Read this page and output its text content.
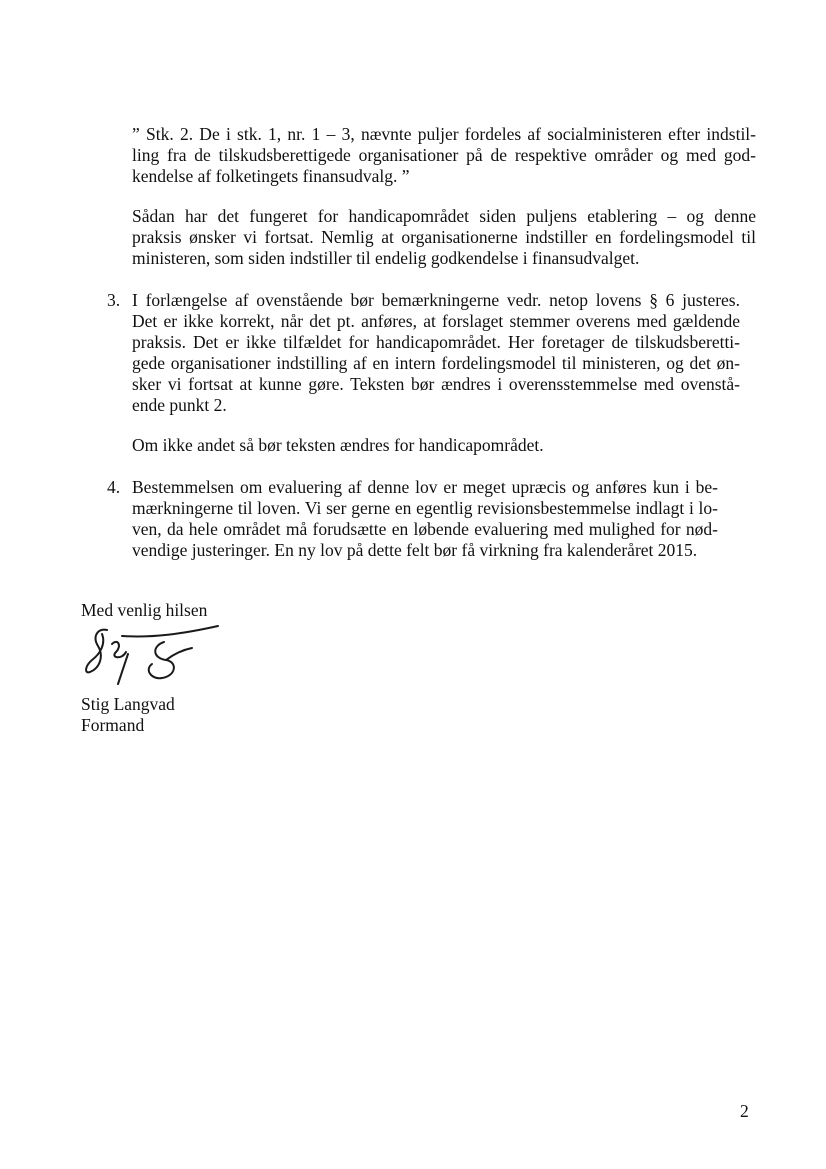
” Stk. 2. De i stk. 1, nr. 1 – 3, nævnte puljer fordeles af socialministeren efter indstil-
ling fra de tilskudsberettigede organisationer på de respektive områder og med god-
kendelse af folketingets finansudvalg. ”
Sådan har det fungeret for handicapområdet siden puljens etablering – og denne
praksis ønsker vi fortsat. Nemlig at organisationerne indstiller en fordelingsmodel til
ministeren, som siden indstiller til endelig godkendelse i finansudvalget.
3. I forlængelse af ovenstående bør bemærkningerne vedr. netop lovens § 6 justeres.
Det er ikke korrekt, når det pt. anføres, at forslaget stemmer overens med gældende
praksis. Det er ikke tilfældet for handicapområdet. Her foretager de tilskudsberetti-
gede organisationer indstilling af en intern fordelingsmodel til ministeren, og det øn-
sker vi fortsat at kunne gøre. Teksten bør ændres i overensstemmelse med ovenstå-
ende punkt 2.
Om ikke andet så bør teksten ændres for handicapområdet.
4. Bestemmelsen om evaluering af denne lov er meget upræcis og anføres kun i be-
mærkningerne til loven. Vi ser gerne en egentlig revisionsbestemmelse indlagt i lo-
ven, da hele området må forudsætte en løbende evaluering med mulighed for nød-
vendige justeringer. En ny lov på dette felt bør få virkning fra kalenderåret 2015.
Med venlig hilsen
Stig Langvad
Formand
2
